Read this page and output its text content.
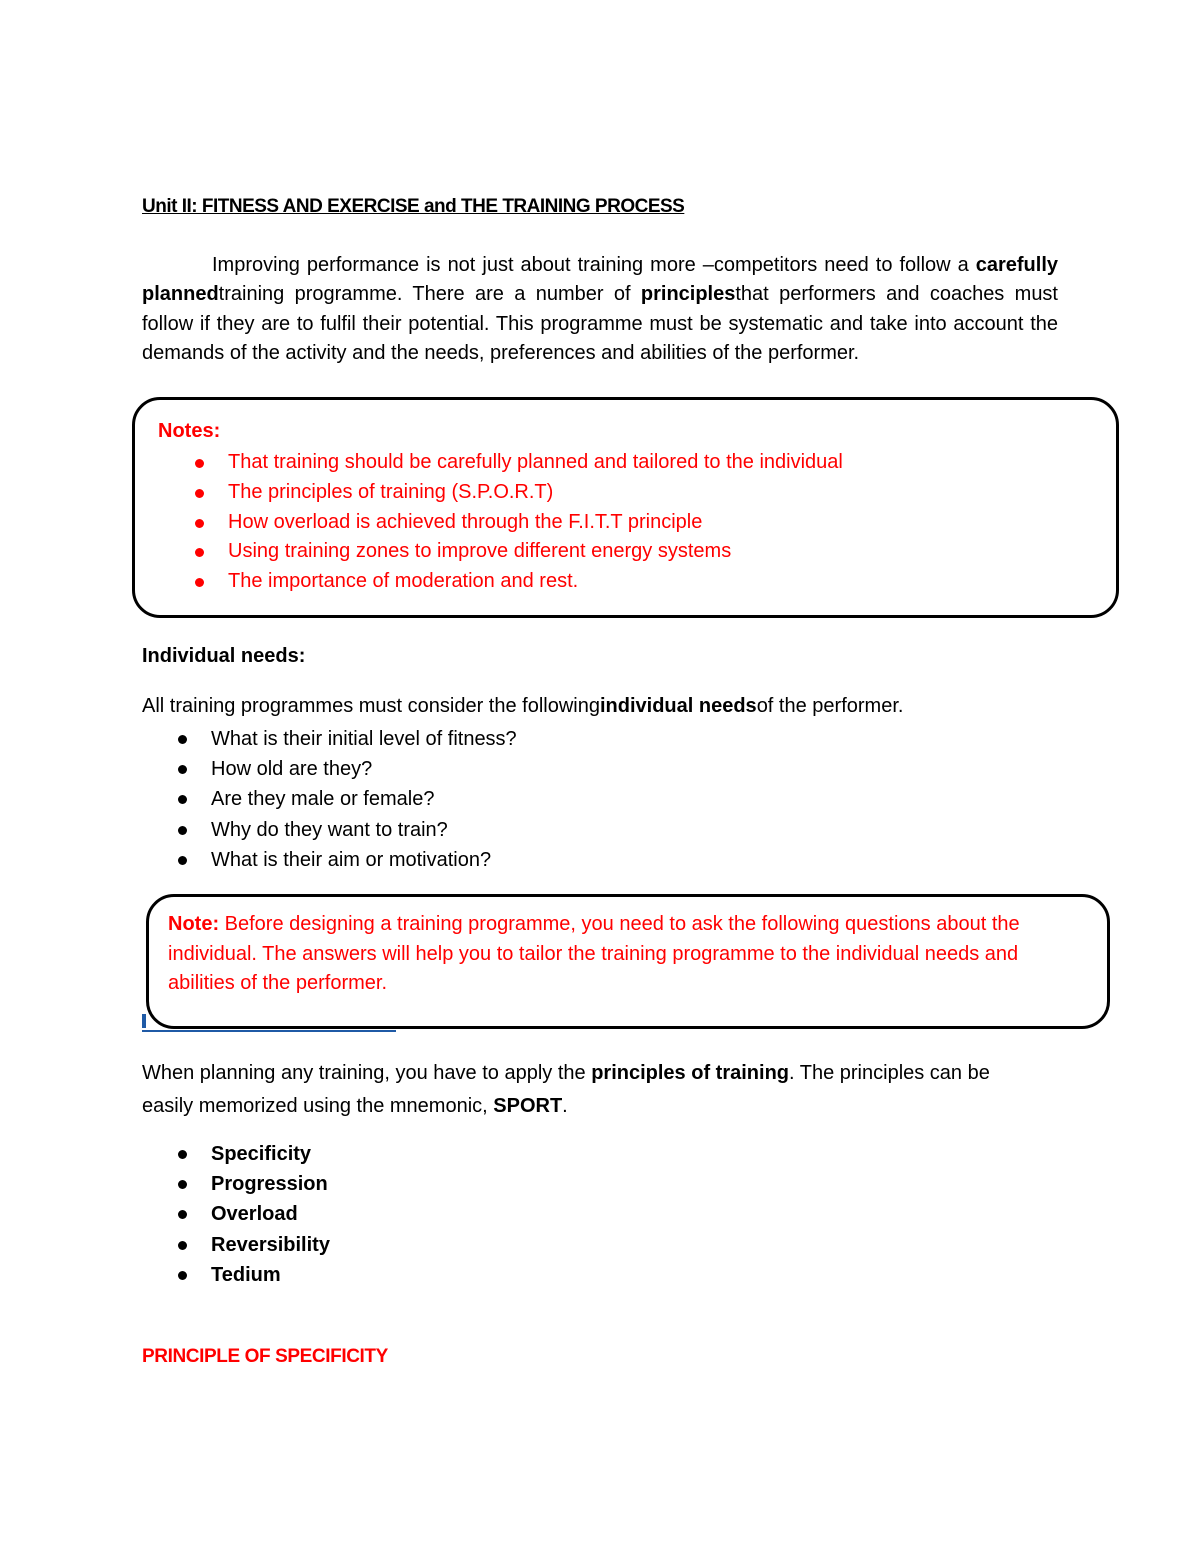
Unit II: FITNESS AND EXERCISE and THE TRAINING PROCESS

Improving performance is not just about training more –competitors need to follow a carefully plannedtraining programme. There are a number of principlesthat performers and coaches must follow if they are to fulfil their potential. This programme must be systematic and take into account the demands of the activity and the needs, preferences and abilities of the performer.

Notes:
That training should be carefully planned and tailored to the individual
The principles of training (S.P.O.R.T)
How overload is achieved through the F.I.T.T principle
Using training zones to improve different energy systems
The importance of moderation and rest.
Individual needs:
All training programmes must consider the followingindividual needsof the performer.
What is their initial level of fitness?
How old are they?
Are they male or female?
Why do they want to train?
What is their aim or motivation?

Note: Before designing a training programme, you need to ask the following questions about the individual. The answers will help you to tailor the training programme to the individual needs and abilities of the performer.

When planning any training, you have to apply the principles of training. The principles can be
easily memorized using the mnemonic, SPORT.
Specificity
Progression
Overload
Reversibility
Tedium
PRINCIPLE OF SPECIFICITY
